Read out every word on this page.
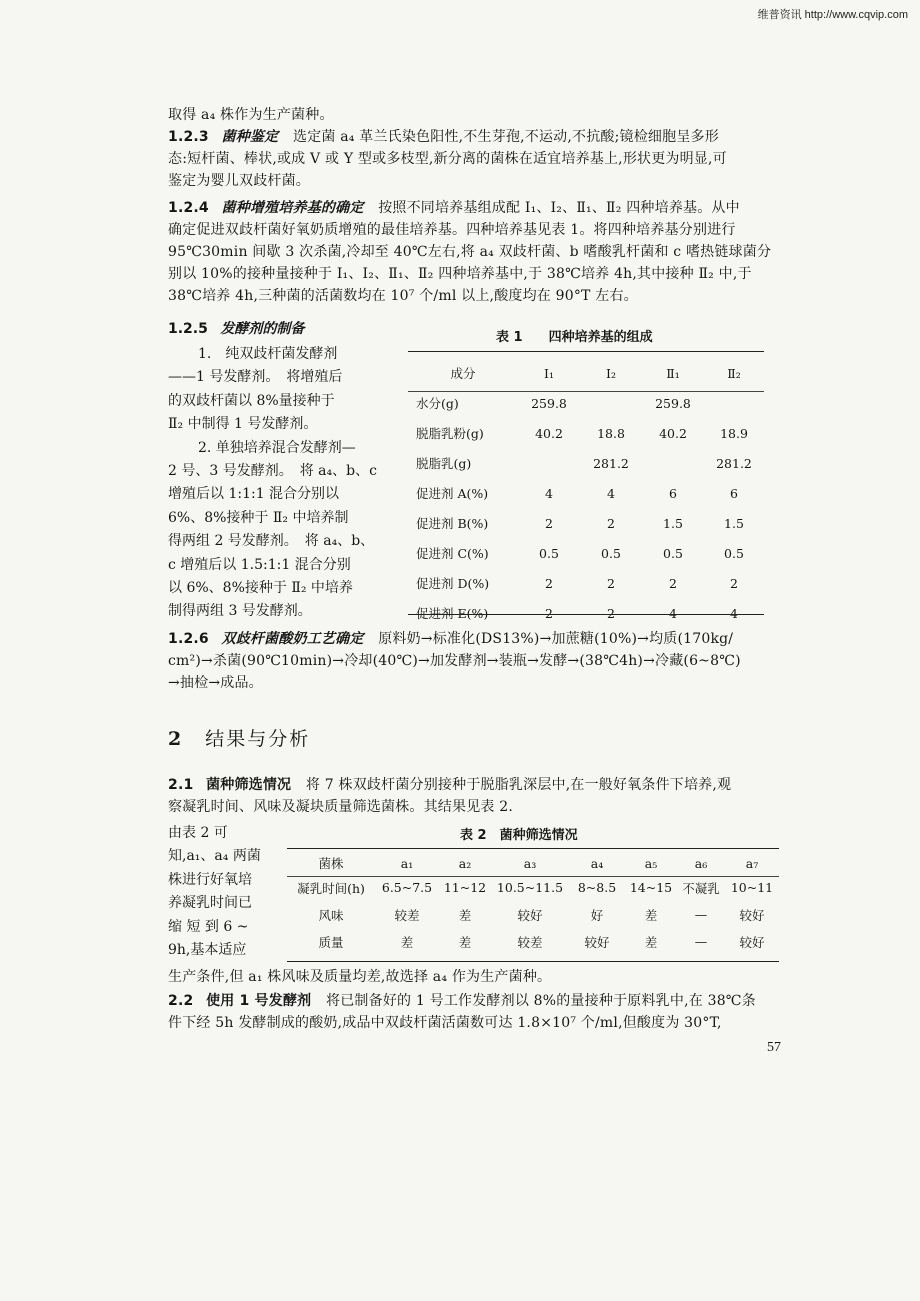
维普资讯 http://www.cqvip.com
取得 a₄ 株作为生产菌种。
1.2.3 菌种鉴定 选定菌 a₄ 革兰氏染色阳性,不生芽孢,不运动,不抗酸;镜检细胞呈多形
态:短杆菌、棒状,或成 V 或 Y 型或多枝型,新分离的菌株在适宜培养基上,形状更为明显,可
鉴定为婴儿双歧杆菌。
1.2.4 菌种增殖培养基的确定 按照不同培养基组成配 Ⅰ₁、Ⅰ₂、Ⅱ₁、Ⅱ₂ 四种培养基。从中
确定促进双歧杆菌好氧奶质增殖的最佳培养基。四种培养基见表 1。将四种培养基分别进行
95℃30min 间歇 3 次杀菌,冷却至 40℃左右,将 a₄ 双歧杆菌、b 嗜酸乳杆菌和 c 嗜热链球菌分
别以 10%的接种量接种于 Ⅰ₁、Ⅰ₂、Ⅱ₁、Ⅱ₂ 四种培养基中,于 38℃培养 4h,其中接种 Ⅱ₂ 中,于
38℃培养 4h,三种菌的活菌数均在 10⁷ 个/ml 以上,酸度均在 90°T 左右。
1.2.5 发酵剂的制备
1.　纯双歧杆菌发酵剂
——1 号发酵剂。　将增殖后
的双歧杆菌以 8%量接种于
Ⅱ₂ 中制得 1 号发酵剂。
2. 单独培养混合发酵剂—
2 号、3 号发酵剂。　将 a₄、b、c
增殖后以 1:1:1 混合分别以
6%、8%接种于 Ⅱ₂ 中培养制
得两组 2 号发酵剂。　将 a₄、b、
c 增殖后以 1.5:1:1 混合分别
以 6%、8%接种于 Ⅱ₂ 中培养
制得两组 3 号发酵剂。
表 1　　四种培养基的组成
成分	Ⅰ₁	Ⅰ₂	Ⅱ₁	Ⅱ₂
水分(g)	259.8		259.8	
脱脂乳粉(g)	40.2	18.8	40.2	18.9
脱脂乳(g)		281.2		281.2
促进剂 A(%)	4	4	6	6
促进剂 B(%)	2	2	1.5	1.5
促进剂 C(%)	0.5	0.5	0.5	0.5
促进剂 D(%)	2	2	2	2
促进剂 E(%)	2	2	4	4
1.2.6 双歧杆菌酸奶工艺确定 原料奶→标准化(DS13%)→加蔗糖(10%)→均质(170kg/
cm²)→杀菌(90℃10min)→冷却(40℃)→加发酵剂→装瓶→发酵→(38℃4h)→冷藏(6~8℃)
→抽检→成品。
2 结果与分析
2.1 菌种筛选情况 将 7 株双歧杆菌分别接种于脱脂乳深层中,在一般好氧条件下培养,观
察凝乳时间、风味及凝块质量筛选菌株。其结果见表 2.
由表 2 可
知,a₁、a₄ 两菌
株进行好氧培
养凝乳时间已
缩 短 到 6 ~
9h,基本适应
表 2　菌种筛选情况
菌株	a₁	a₂	a₃	a₄	a₅	a₆	a₇
凝乳时间(h)	6.5~7.5	11~12	10.5~11.5	8~8.5	14~15	不凝乳	10~11
风味	较差	差	较好	好	差	—	较好
质量	差	差	较差	较好	差	—	较好
生产条件,但 a₁ 株风味及质量均差,故选择 a₄ 作为生产菌种。
2.2 使用 1 号发酵剂 将已制备好的 1 号工作发酵剂以 8%的量接种于原料乳中,在 38℃条
件下经 5h 发酵制成的酸奶,成品中双歧杆菌活菌数可达 1.8×10⁷ 个/ml,但酸度为 30°T,
57
